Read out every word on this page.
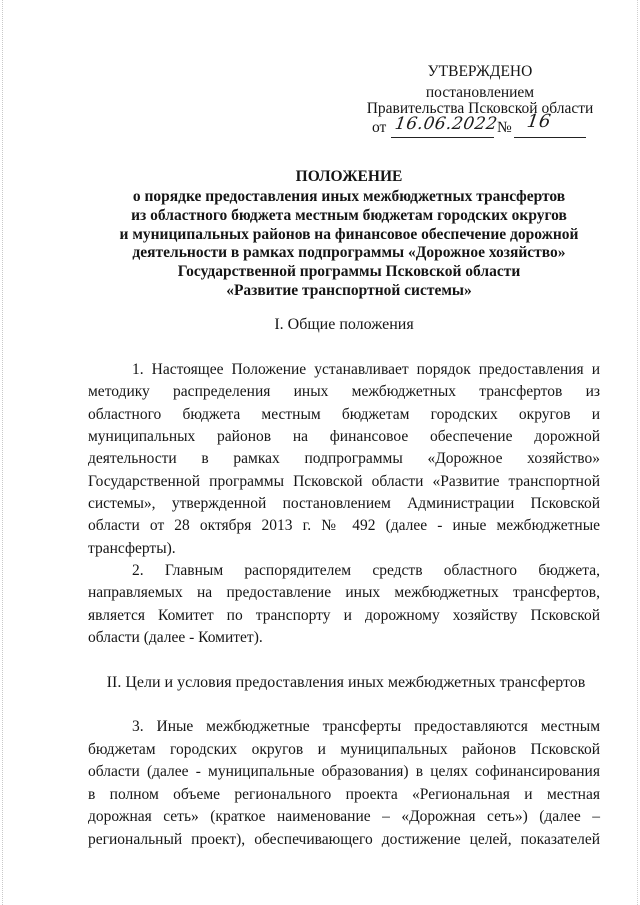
УТВЕРЖДЕНО
постановлением
Правительства Псковской области
от 16.06.2022
№ 16
ПОЛОЖЕНИЕ
о порядке предоставления иных межбюджетных трансфертов
из областного бюджета местным бюджетам городских округов
и муниципальных районов на финансовое обеспечение дорожной
деятельности в рамках подпрограммы «Дорожное хозяйство»
Государственной программы Псковской области
«Развитие транспортной системы»
I. Общие положения
1. Настоящее Положение устанавливает порядок предоставления и
методику распределения иных межбюджетных трансфертов из
областного бюджета местным бюджетам городских округов и
муниципальных районов на финансовое обеспечение дорожной
деятельности в рамках подпрограммы «Дорожное хозяйство»
Государственной программы Псковской области «Развитие транспортной
системы», утвержденной постановлением Администрации Псковской
области от 28 октября 2013 г. № 492 (далее - иные межбюджетные
трансферты).
2. Главным распорядителем средств областного бюджета,
направляемых на предоставление иных межбюджетных трансфертов,
является Комитет по транспорту и дорожному хозяйству Псковской
области (далее - Комитет).
II. Цели и условия предоставления иных межбюджетных трансфертов
3. Иные межбюджетные трансферты предоставляются местным
бюджетам городских округов и муниципальных районов Псковской
области (далее - муниципальные образования) в целях софинансирования
в полном объеме регионального проекта «Региональная и местная
дорожная сеть» (краткое наименование – «Дорожная сеть») (далее –
региональный проект), обеспечивающего достижение целей, показателей
